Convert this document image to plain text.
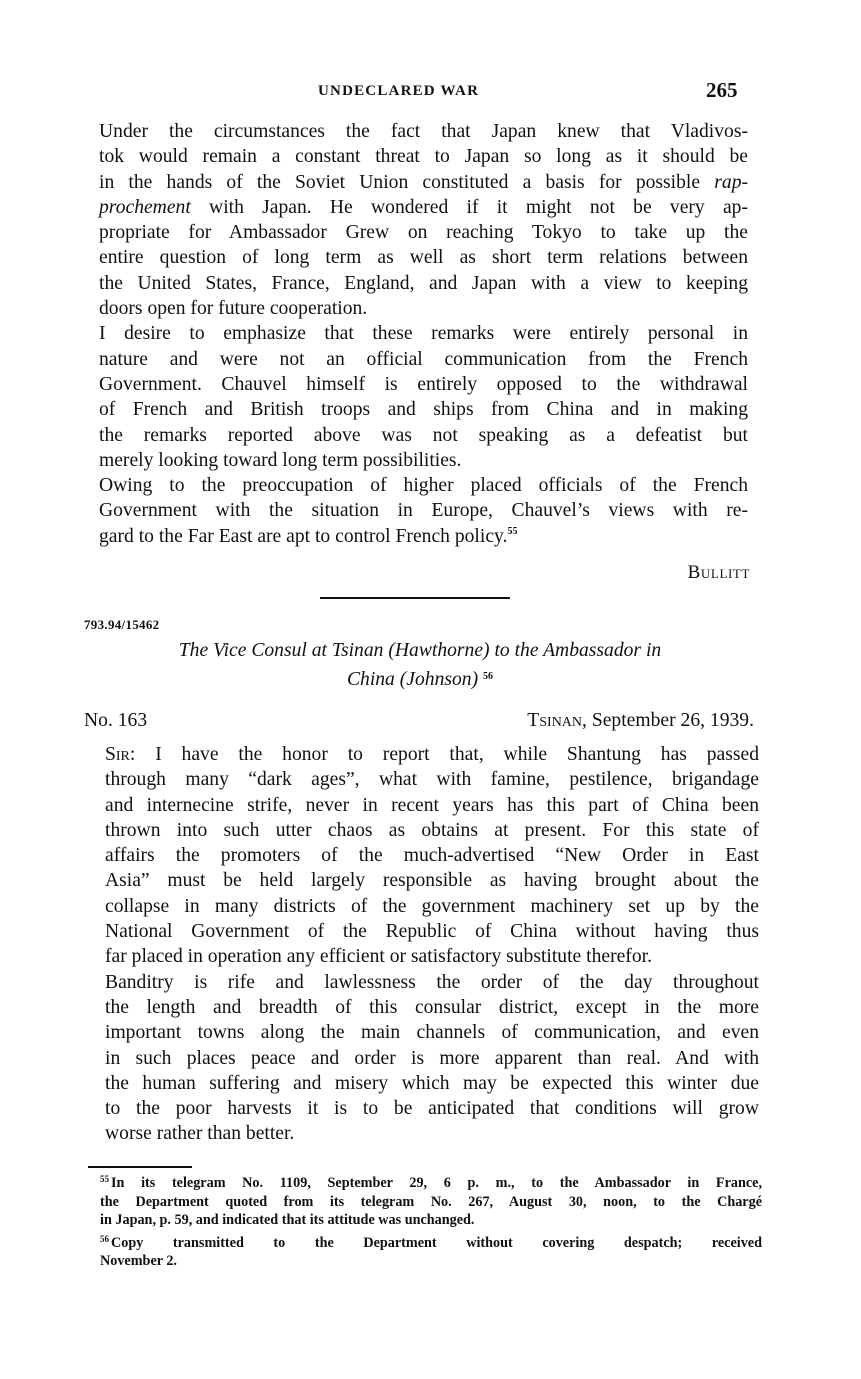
UNDECLARED WAR	265

Under the circumstances the fact that Japan knew that Vladivos-
tok would remain a constant threat to Japan so long as it should be
in the hands of the Soviet Union constituted a basis for possible rap-
prochement with Japan. He wondered if it might not be very ap-
propriate for Ambassador Grew on reaching Tokyo to take up the
entire question of long term as well as short term relations between
the United States, France, England, and Japan with a view to keeping
doors open for future cooperation.

I desire to emphasize that these remarks were entirely personal in
nature and were not an official communication from the French
Government. Chauvel himself is entirely opposed to the withdrawal
of French and British troops and ships from China and in making
the remarks reported above was not speaking as a defeatist but
merely looking toward long term possibilities.

Owing to the preoccupation of higher placed officials of the French
Government with the situation in Europe, Chauvel’s views with re-
gard to the Far East are apt to control French policy.$^{55}$

Bullitt
793.94/15462
The Vice Consul at Tsinan (Hawthorne) to the Ambassador in
China (Johnson) $^{56}$
No. 163	Tsinan, September 26, 1939.

Sir: I have the honor to report that, while Shantung has passed
through many “dark ages”, what with famine, pestilence, brigandage
and internecine strife, never in recent years has this part of China been
thrown into such utter chaos as obtains at present. For this state of
affairs the promoters of the much-advertised “New Order in East
Asia” must be held largely responsible as having brought about the
collapse in many districts of the government machinery set up by the
National Government of the Republic of China without having thus
far placed in operation any efficient or satisfactory substitute therefor.

Banditry is rife and lawlessness the order of the day throughout
the length and breadth of this consular district, except in the more
important towns along the main channels of communication, and even
in such places peace and order is more apparent than real. And with
the human suffering and misery which may be expected this winter due
to the poor harvests it is to be anticipated that conditions will grow
worse rather than better.

$^{55}$ In its telegram No. 1109, September 29, 6 p. m., to the Ambassador in France,
the Department quoted from its telegram No. 267, August 30, noon, to the Chargé
in Japan, p. 59, and indicated that its attitude was unchanged.

$^{56}$ Copy transmitted to the Department without covering despatch; received
November 2.
